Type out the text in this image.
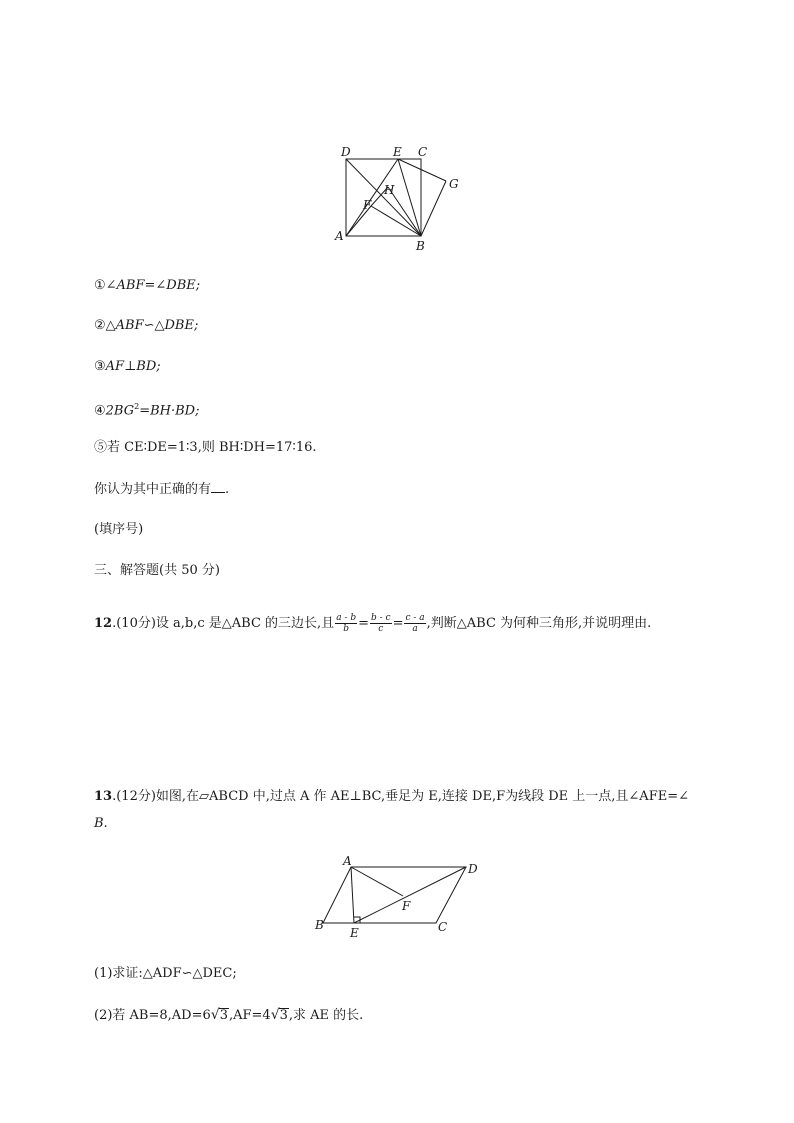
D	E C
G
H
F
A
B
①∠ABF=∠DBE;
②△ABF∽△DBE;
③AF⊥BD;
$④2BG^2=BH\cdot BD$;
⑤若 CE∶DE=1∶3,则 BH∶DH=17∶16.
你认为其中正确的有 .
(填序号)
三、解答题(共 50 分)
12.(10分)设 a,b,c 是△ABC 的三边长,且 $\frac{a - b}{b} = \frac{b - c}{c} = \frac{c - a}{a}$ ,判断△ABC 为何种三角形,并说明理由.
13.(12分)如图,在▱ABCD 中,过点 A 作 AE⊥BC,垂足为 E,连接 DE,F为线段 DE 上一点,且∠AFE=∠
B.
A
D
F
B
E	C
(1)求证:△ADF∽△DEC;
(2)若 AB=8,AD=6√3,AF=4√3,求 AE 的长.
